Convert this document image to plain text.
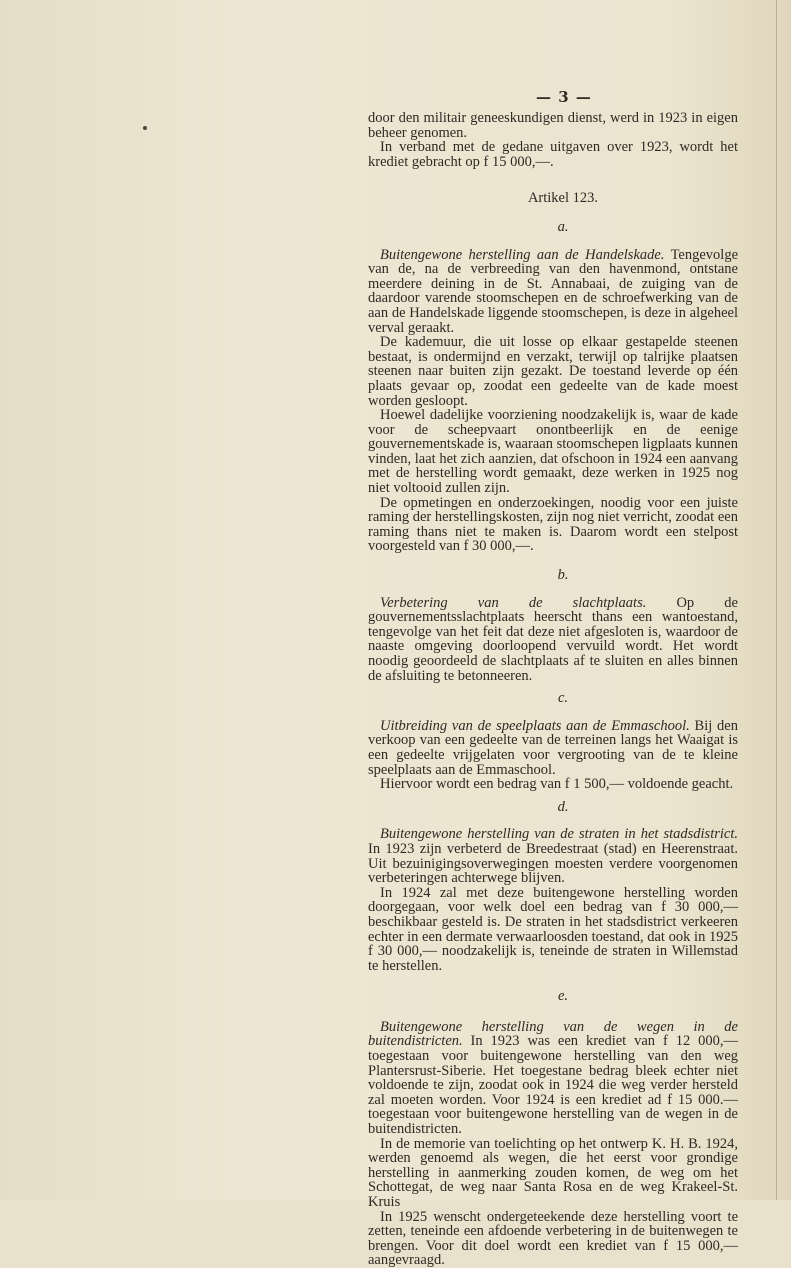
— 3 —

door den militair geneeskundigen dienst, werd in 1923 in eigen beheer genomen.

In verband met de gedane uitgaven over 1923, wordt het krediet gebracht op f 15 000,—.

Artikel 123.
a.

Buitengewone herstelling aan de Handelskade. Tengevolge van de, na de verbreeding van den havenmond, ontstane meerdere deining in de St. Annabaai, de zuiging van de daardoor varende stoomschepen en de schroefwerking van de aan de Handelskade liggende stoomschepen, is deze in algeheel verval geraakt.

De kademuur, die uit losse op elkaar gestapelde steenen bestaat, is ondermijnd en verzakt, terwijl op talrijke plaatsen steenen naar buiten zijn gezakt. De toestand leverde op één plaats gevaar op, zoodat een gedeelte van de kade moest worden gesloopt.

Hoewel dadelijke voorziening noodzakelijk is, waar de kade voor de scheepvaart onontbeerlijk en de eenige gouvernementskade is, waaraan stoomschepen ligplaats kunnen vinden, laat het zich aanzien, dat ofschoon in 1924 een aanvang met de herstelling wordt gemaakt, deze werken in 1925 nog niet voltooid zullen zijn.

De opmetingen en onderzoekingen, noodig voor een juiste raming der herstellingskosten, zijn nog niet verricht, zoodat een raming thans niet te maken is. Daarom wordt een stelpost voorgesteld van f 30 000,—.

b.

Verbetering van de slachtplaats. Op de gouvernementsslachtplaats heerscht thans een wantoestand, tengevolge van het feit dat deze niet afgesloten is, waardoor de naaste omgeving doorloopend vervuild wordt. Het wordt noodig geoordeeld de slachtplaats af te sluiten en alles binnen de afsluiting te betonneeren.

c.

Uitbreiding van de speelplaats aan de Emmaschool. Bij den verkoop van een gedeelte van de terreinen langs het Waaigat is een gedeelte vrijgelaten voor vergrooting van de te kleine speelplaats aan de Emmaschool.

Hiervoor wordt een bedrag van f 1 500,— voldoende geacht.

d.

Buitengewone herstelling van de straten in het stadsdistrict. In 1923 zijn verbeterd de Breedestraat (stad) en Heerenstraat. Uit bezuinigingsoverwegingen moesten verdere voorgenomen verbeteringen achterwege blijven.

In 1924 zal met deze buitengewone herstelling worden doorgegaan, voor welk doel een bedrag van f 30 000,— beschikbaar gesteld is. De straten in het stadsdistrict verkeeren echter in een dermate verwaarloosden toestand, dat ook in 1925 f 30 000,— noodzakelijk is, teneinde de straten in Willemstad te herstellen.

e.

Buitengewone herstelling van de wegen in de buitendistricten. In 1923 was een krediet van f 12 000,— toegestaan voor buitengewone herstelling van den weg Plantersrust-Siberie. Het toegestane bedrag bleek echter niet voldoende te zijn, zoodat ook in 1924 die weg verder hersteld zal moeten worden. Voor 1924 is een krediet ad f 15 000.— toegestaan voor buitengewone herstelling van de wegen in de buitendistricten.

In de memorie van toelichting op het ontwerp K. H. B. 1924, werden genoemd als wegen, die het eerst voor grondige herstelling in aanmerking zouden komen, de weg om het Schottegat, de weg naar Santa Rosa en de weg Krakeel-St. Kruis

In 1925 wenscht ondergeteekende deze herstelling voort te zetten, teneinde een afdoende verbetering in de buitenwegen te brengen. Voor dit doel wordt een krediet van f 15 000,— aangevraagd.
